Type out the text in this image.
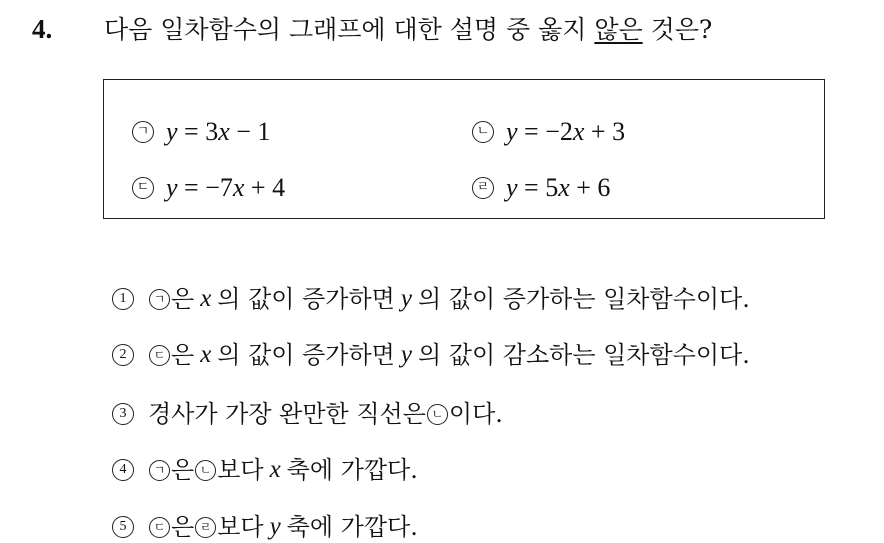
4.	다음 일차함수의 그래프에 대한 설명 중 옳지 않은 것은?
ㄱ y = 3x − 1	ㄴ y = −2x + 3
ㄷ y = −7x + 4	ㄹ y = 5x + 6
1	ㄱ 은 x 의 값이 증가하면 y 의 값이 증가하는 일차함수이다.
2	ㄷ 은 x 의 값이 증가하면 y 의 값이 감소하는 일차함수이다.
3 경사가 가장 완만한 직선은 ㄴ 이다.
4	ㄱ 은 ㄴ 보다 x 축에 가깝다.
5	ㄷ 은 ㄹ 보다 y 축에 가깝다.
